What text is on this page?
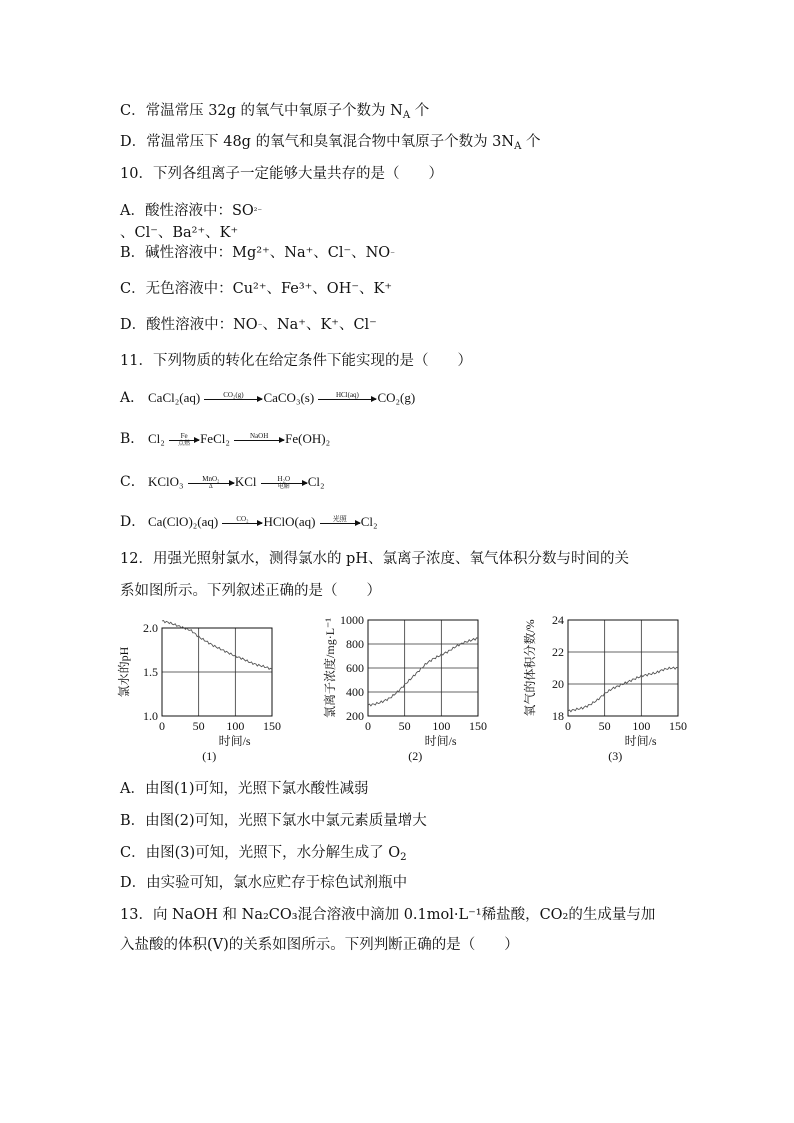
C．常温常压 32g 的氧气中氧原子个数为 $N_A$ 个
D．常温常压下 48g 的氧气和臭氧混合物中氧原子个数为 $3N_A$ 个
10．下列各组离子一定能够大量共存的是（　　）
A．酸性溶液中：SO²⁻
、Cl⁻、Ba²⁺、K⁺
B．碱性溶液中：Mg²⁺、Na⁺、Cl⁻、NO⁻
C．无色溶液中：Cu²⁺、Fe³⁺、OH⁻、K⁺
D．酸性溶液中：NO⁻、Na⁺、K⁺、Cl⁻
11．下列物质的转化在给定条件下能实现的是（　　）
A． CaCl₂(aq)	CO₂(g)	CaCO₃(s)	HCl(aq)	CO₂(g)
B． Cl₂	Fe
点燃 FeCl₂	NaOH	Fe(OH)₂
C． KClO₃	MnO₂
Δ	KCl	H₂O
电解	Cl₂
D． Ca(ClO)₂(aq)	CO₂	HClO(aq)	光照	Cl₂
12．用强光照射氯水，测得氯水的 pH、氯离子浓度、氧气体积分数与时间的关
系如图所示。下列叙述正确的是（　　）
0 50 100 150
1.0
1.5
2.0
氯水的pH
时间/s
(1)
0 50 100 150
200
400
600
800
1000
氯离子浓度/mg·L⁻¹
时间/s
(2)
0 50 100 150
18
20
22
24
氧气的体积分数/%
时间/s
(3)
A．由图(1)可知，光照下氯水酸性减弱
B．由图(2)可知，光照下氯水中氯元素质量增大
C．由图(3)可知，光照下，水分解生成了 $O_2$
D．由实验可知，氯水应贮存于棕色试剂瓶中
13．向 NaOH 和 Na₂CO₃混合溶液中滴加 0.1mol·L⁻¹稀盐酸，CO₂的生成量与加
入盐酸的体积(V)的关系如图所示。下列判断正确的是（　　）
